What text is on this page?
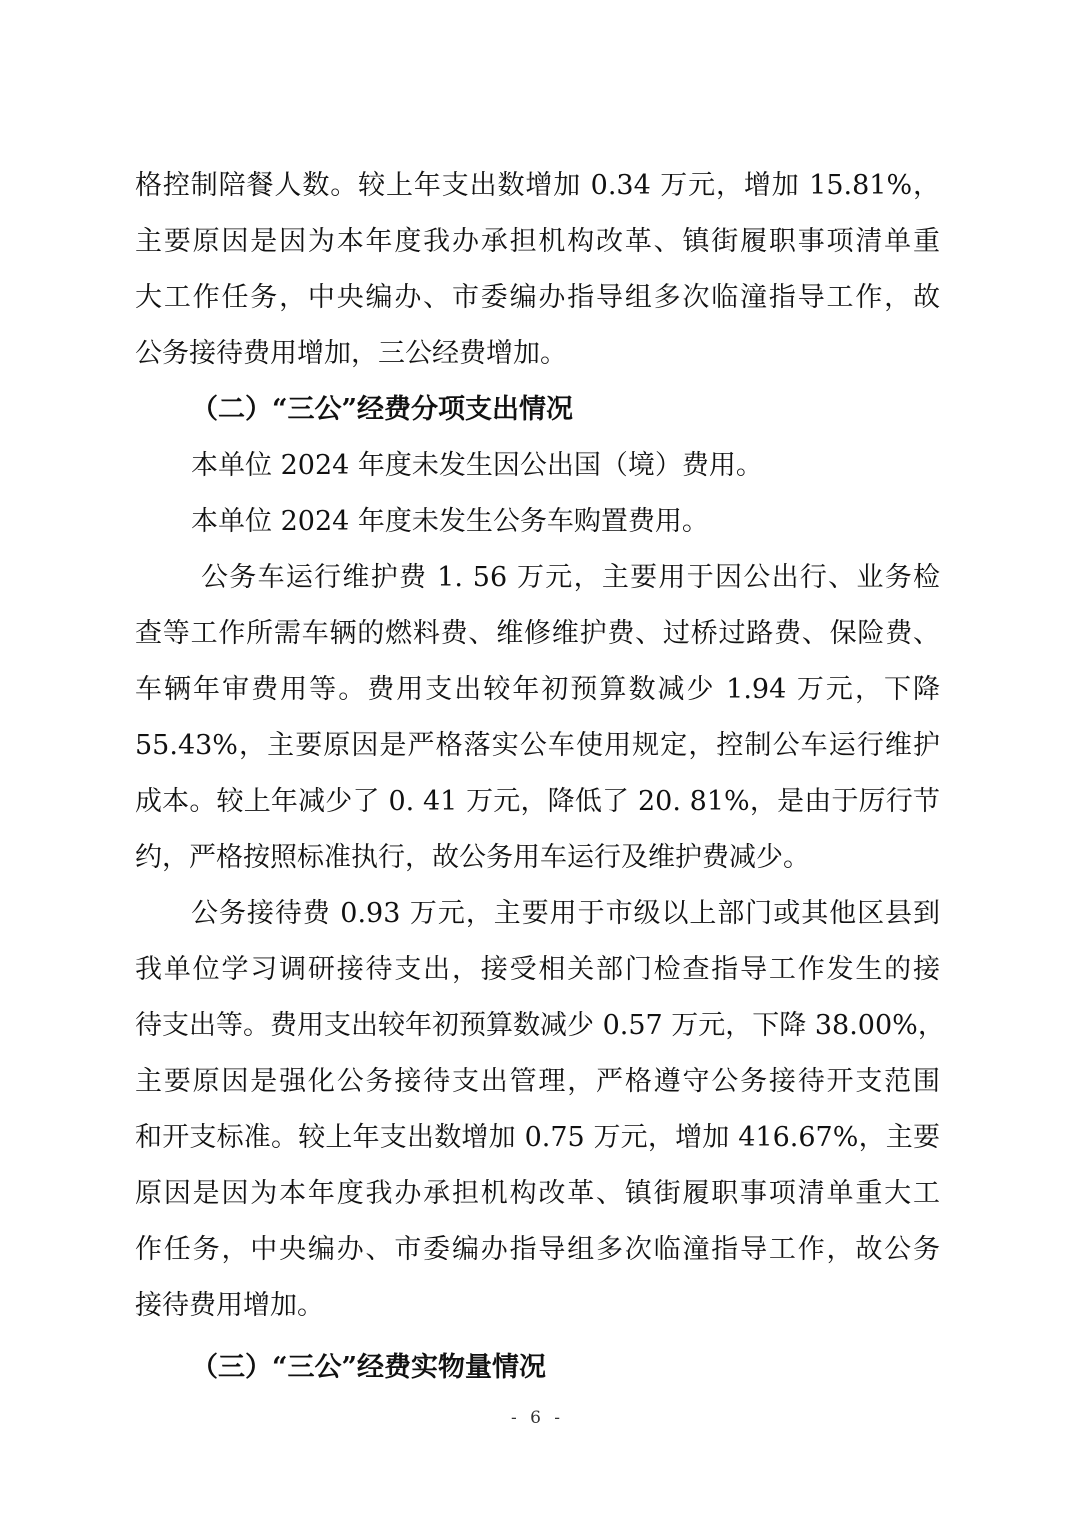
格控制陪餐人数。较上年支出数增加 0.34 万元，增加 15.81%，
主要原因是因为本年度我办承担机构改革、镇街履职事项清单重
大工作任务，中央编办、市委编办指导组多次临潼指导工作，故
公务接待费用增加，三公经费增加。
（二）“三公”经费分项支出情况
本单位 2024 年度未发生因公出国（境）费用。
本单位 2024 年度未发生公务车购置费用。
公务车运行维护费 1. 56 万元，主要用于因公出行、业务检
查等工作所需车辆的燃料费、维修维护费、过桥过路费、保险费、
车辆年审费用等。费用支出较年初预算数减少 1.94 万元，下降
55.43%，主要原因是严格落实公车使用规定，控制公车运行维护
成本。较上年减少了 0. 41 万元，降低了 20. 81%，是由于厉行节
约，严格按照标准执行，故公务用车运行及维护费减少。
公务接待费 0.93 万元，主要用于市级以上部门或其他区县到
我单位学习调研接待支出，接受相关部门检查指导工作发生的接
待支出等。费用支出较年初预算数减少 0.57 万元，下降 38.00%，
主要原因是强化公务接待支出管理，严格遵守公务接待开支范围
和开支标准。较上年支出数增加 0.75 万元，增加 416.67%，主要
原因是因为本年度我办承担机构改革、镇街履职事项清单重大工
作任务，中央编办、市委编办指导组多次临潼指导工作，故公务
接待费用增加。
（三）“三公”经费实物量情况
- 6 -
